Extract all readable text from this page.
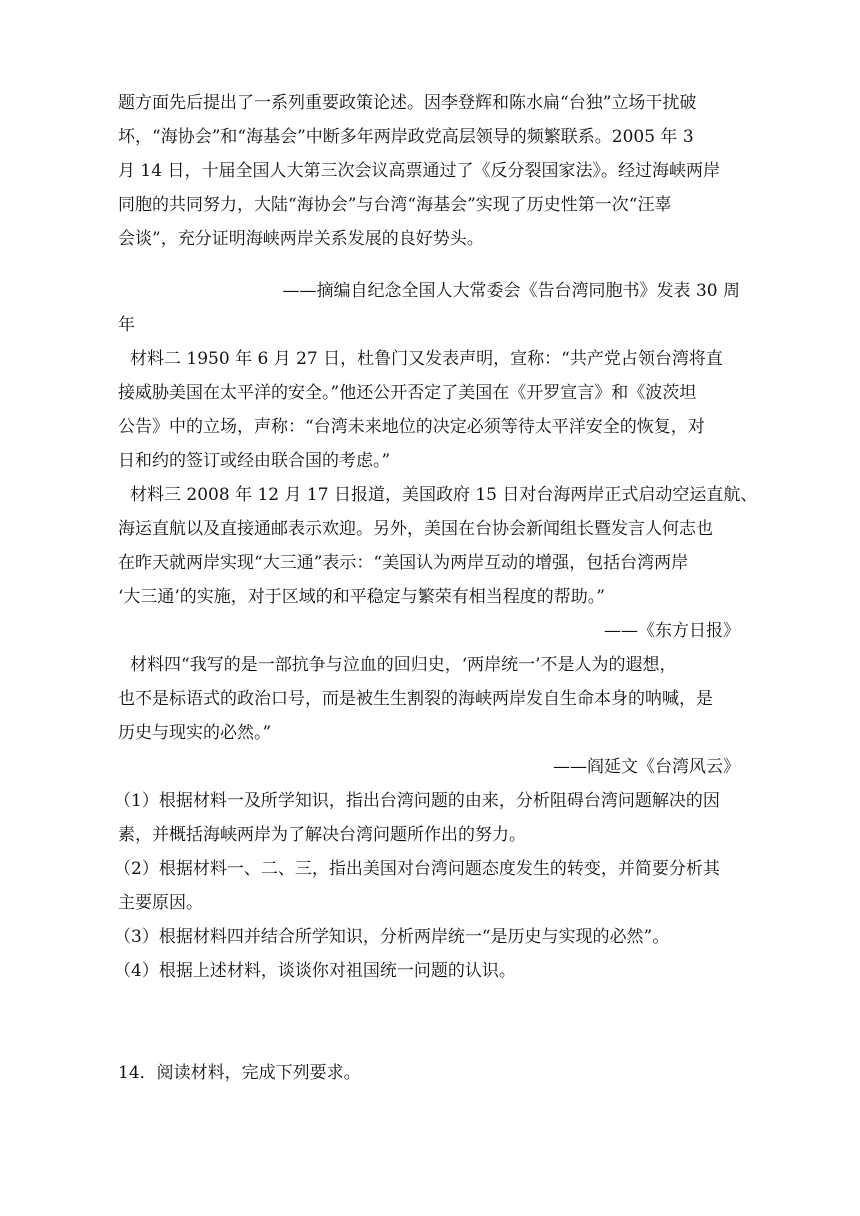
题方面先后提出了一系列重要政策论述。因李登辉和陈水扁“台独”立场干扰破
坏，“海协会”和“海基会”中断多年两岸政党高层领导的频繁联系。2005 年 3
月 14 日，十届全国人大第三次会议高票通过了《反分裂国家法》。经过海峡两岸
同胞的共同努力，大陆“海协会”与台湾“海基会”实现了历史性第一次“汪辜
会谈”，充分证明海峡两岸关系发展的良好势头。
——摘编自纪念全国人大常委会《告台湾同胞书》发表 30 周
年
材料二 1950 年 6 月 27 日，杜鲁门又发表声明，宣称：“共产党占领台湾将直
接威胁美国在太平洋的安全。”他还公开否定了美国在《开罗宣言》和《波茨坦
公告》中的立场，声称：“台湾未来地位的决定必须等待太平洋安全的恢复，对
日和约的签订或经由联合国的考虑。”
材料三 2008 年 12 月 17 日报道，美国政府 15 日对台海两岸正式启动空运直航、
海运直航以及直接通邮表示欢迎。另外，美国在台协会新闻组长暨发言人何志也
在昨天就两岸实现“大三通”表示：“美国认为两岸互动的增强，包括台湾两岸
‘大三通’的实施，对于区域的和平稳定与繁荣有相当程度的帮助。”
——《东方日报》
材料四“我写的是一部抗争与泣血的回归史，‘两岸统一’不是人为的遐想，
也不是标语式的政治口号，而是被生生割裂的海峡两岸发自生命本身的呐喊，是
历史与现实的必然。”
——阎延文《台湾风云》
（1）根据材料一及所学知识，指出台湾问题的由来，分析阻碍台湾问题解决的因
素，并概括海峡两岸为了解决台湾问题所作出的努力。
（2）根据材料一、二、三，指出美国对台湾问题态度发生的转变，并简要分析其
主要原因。
（3）根据材料四并结合所学知识，分析两岸统一“是历史与实现的必然”。
（4）根据上述材料，谈谈你对祖国统一问题的认识。
14．阅读材料，完成下列要求。
